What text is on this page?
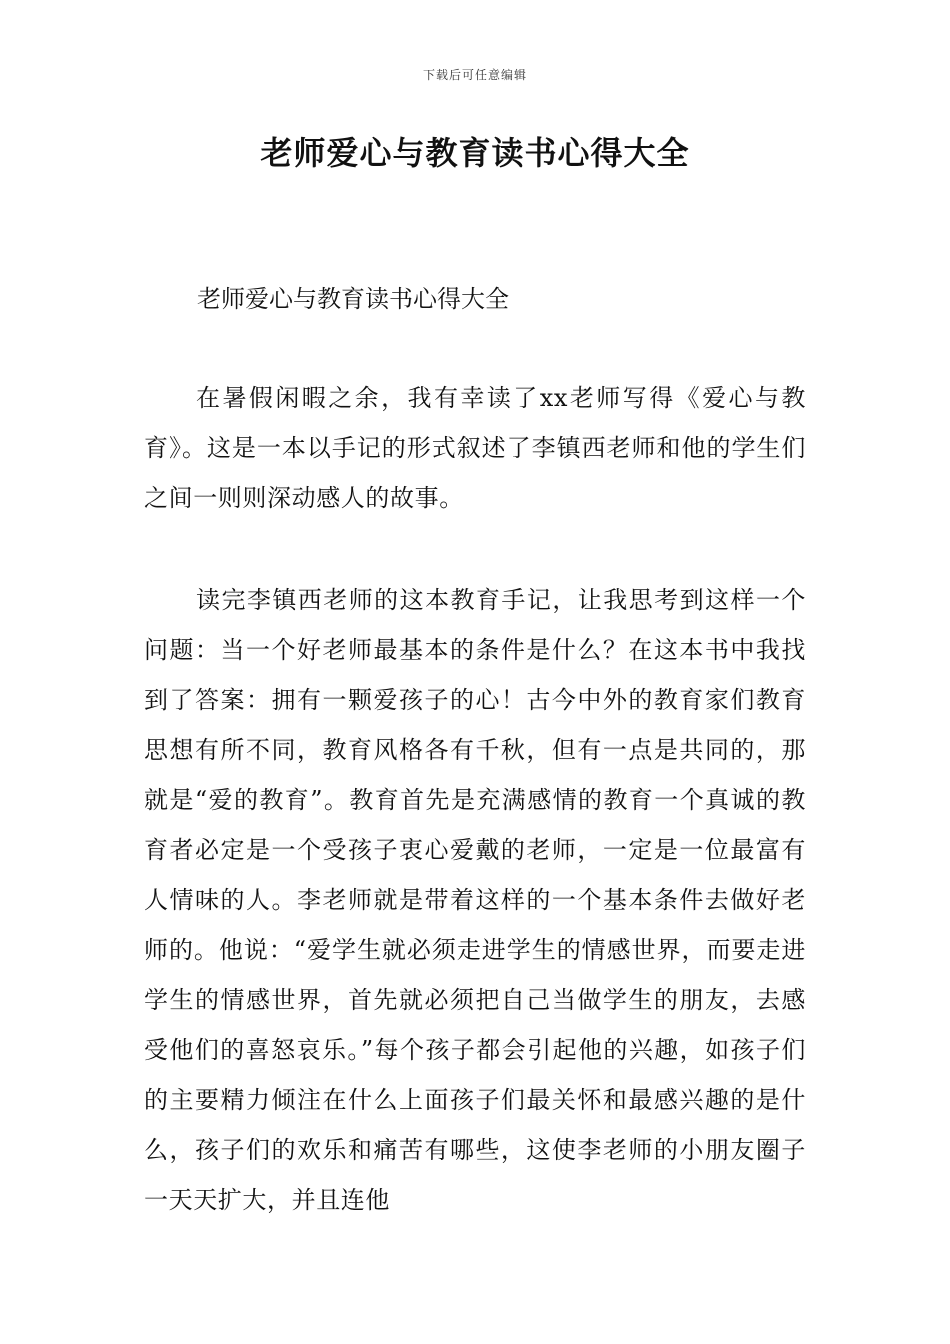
下载后可任意编辑
老师爱心与教育读书心得大全

老师爱心与教育读书心得大全

在暑假闲暇之余，我有幸读了xx老师写得《爱心与教育》。这是一本以手记的形式叙述了李镇西老师和他的学生们之间一则则深动感人的故事。

读完李镇西老师的这本教育手记，让我思考到这样一个问题：当一个好老师最基本的条件是什么？在这本书中我找到了答案：拥有一颗爱孩子的心！古今中外的教育家们教育思想有所不同，教育风格各有千秋，但有一点是共同的，那就是“爱的教育”。教育首先是充满感情的教育一个真诚的教育者必定是一个受孩子衷心爱戴的老师，一定是一位最富有人情味的人。李老师就是带着这样的一个基本条件去做好老师的。他说：“爱学生就必须走进学生的情感世界，而要走进学生的情感世界，首先就必须把自己当做学生的朋友，去感受他们的喜怒哀乐。”每个孩子都会引起他的兴趣，如孩子们的主要精力倾注在什么上面孩子们最关怀和最感兴趣的是什么，孩子们的欢乐和痛苦有哪些，这使李老师的小朋友圈子一天天扩大，并且连他
